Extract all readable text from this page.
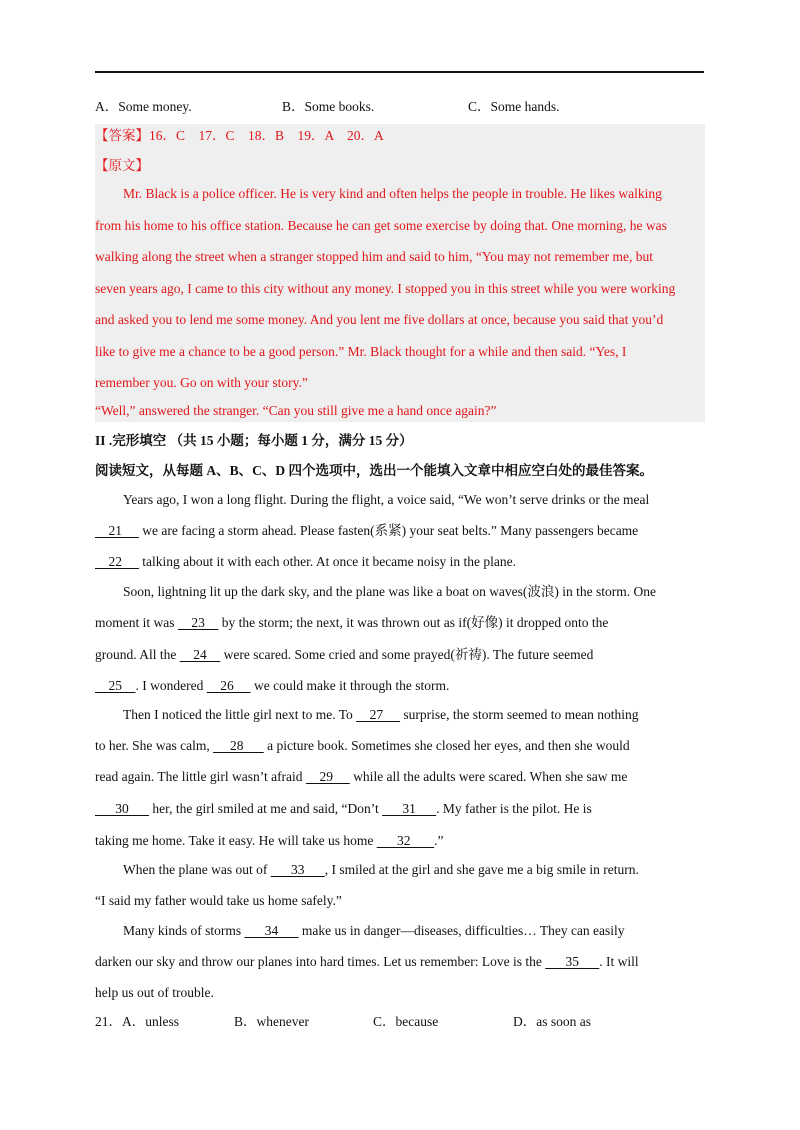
A．Some money.	B．Some books.	C．Some hands.
【答案】16．C　17．C　18．B　19．A　20．A
【原文】
Mr. Black is a police officer. He is very kind and often helps the people in trouble. He likes walking
from his home to his office station. Because he can get some exercise by doing that. One morning, he was
walking along the street when a stranger stopped him and said to him, “You may not remember me, but
seven years ago, I came to this city without any money. I stopped you in this street while you were working
and asked you to lend me some money. And you lent me five dollars at once, because you said that you’d
like to give me a chance to be a good person.” Mr. Black thought for a while and then said. “Yes, I
remember you. Go on with your story.”
“Well,” answered the stranger. “Can you still give me a hand once again?”
II .完形填空 （共 15 小题；每小题 1 分，满分 15 分）
阅读短文，从每题 A、B、C、D 四个选项中，选出一个能填入文章中相应空白处的最佳答案。
Years ago, I won a long flight. During the flight, a voice said, “We won’t serve drinks or the meal
21      we are facing a storm ahead. Please fasten(系紧) your seat belts.” Many passengers became
22      talking about it with each other. At once it became noisy in the plane.
Soon, lightning lit up the dark sky, and the plane was like a boat on waves(波浪) in the storm. One
moment it was     23     by the storm; the next, it was thrown out as if(好像) it dropped onto the
ground. All the     24     were scared. Some cried and some prayed(祈祷). The future seemed
25    . I wondered     26      we could make it through the storm.
Then I noticed the little girl next to me. To     27      surprise, the storm seemed to mean nothing
to her. She was calm,      28       a picture book. Sometimes she closed her eyes, and then she would
read again. The little girl wasn’t afraid     29      while all the adults were scared. When she saw me
30       her, the girl smiled at me and said, “Don’t       31      . My father is the pilot. He is
taking me home. Take it easy. He will take us home       32       .”
When the plane was out of       33      , I smiled at the girl and she gave me a big smile in return.
“I said my father would take us home safely.”
Many kinds of storms       34       make us in danger—diseases, difficulties… They can easily
darken our sky and throw our planes into hard times. Let us remember: Love is the       35      . It will
help us out of trouble.
21．A．unless	B．whenever	C．because	D．as soon as
